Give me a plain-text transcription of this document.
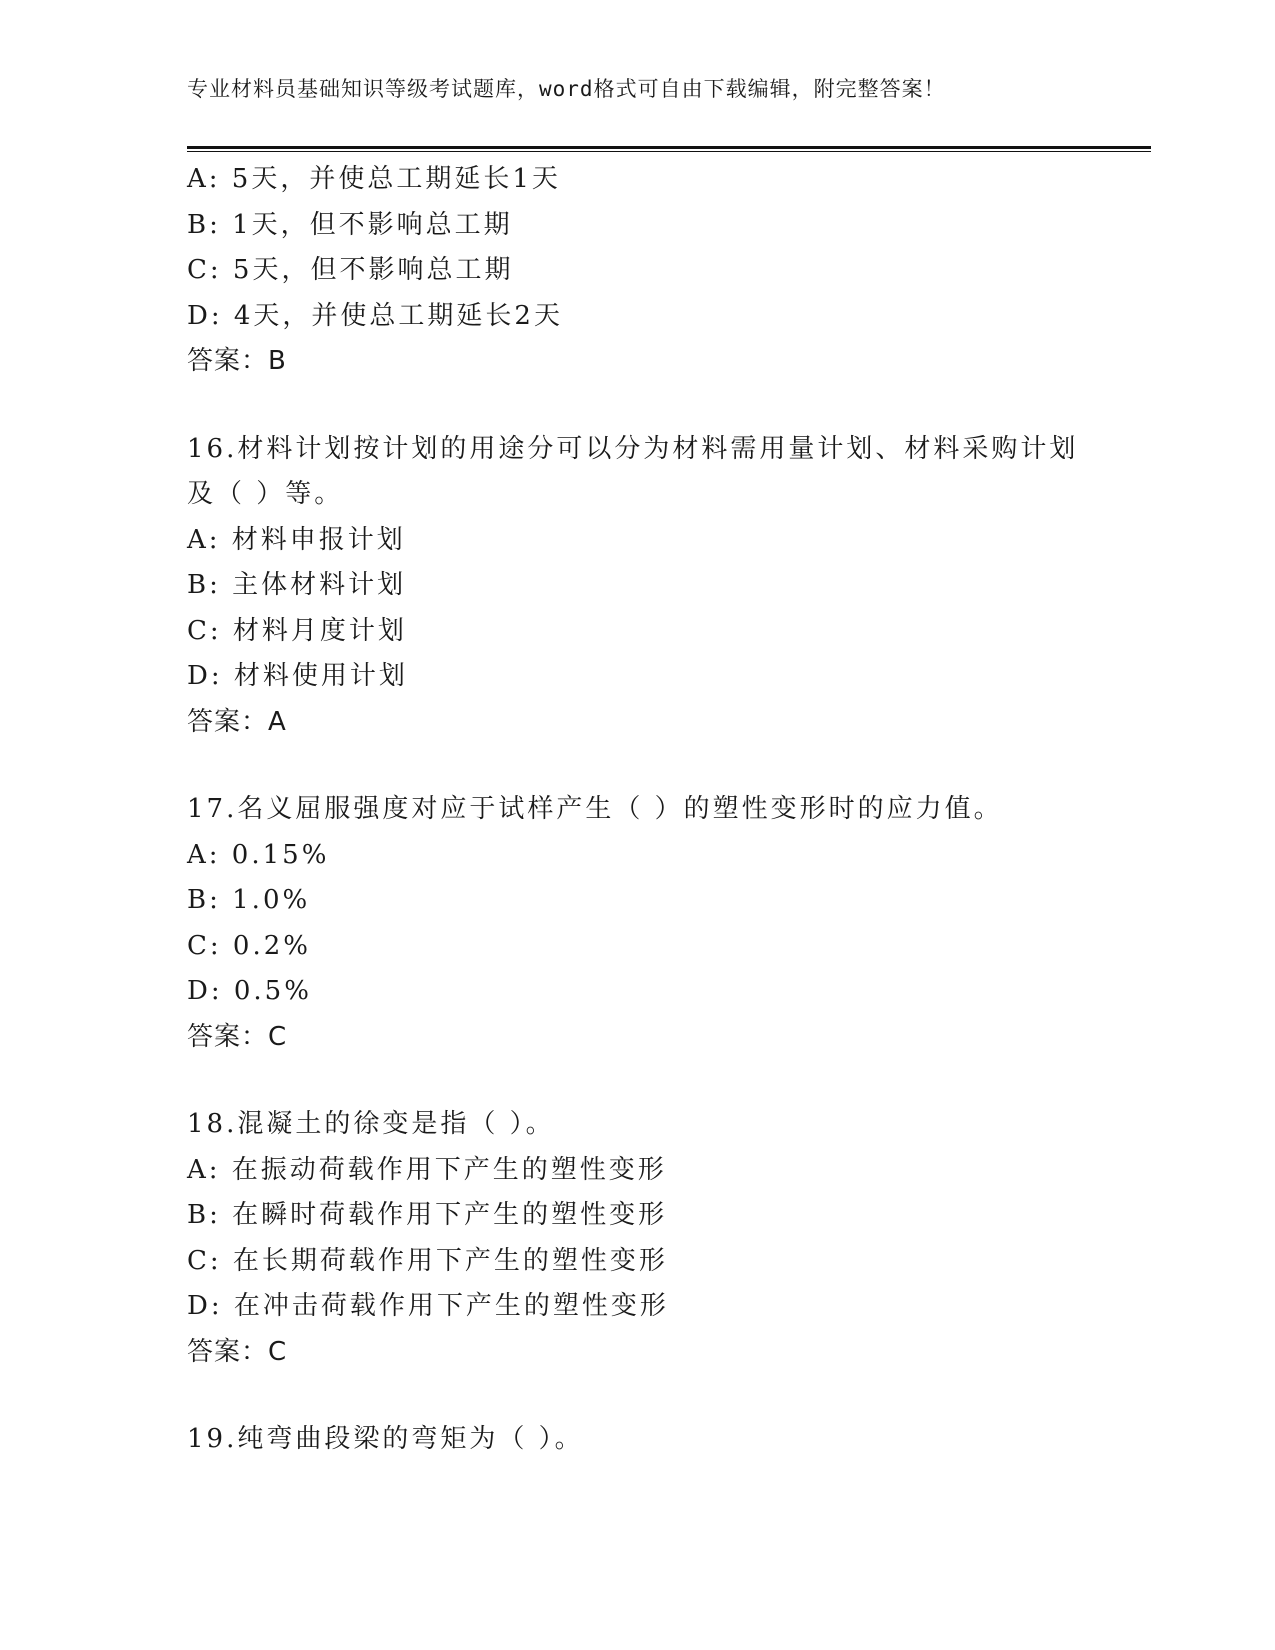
专业材料员基础知识等级考试题库，word格式可自由下载编辑，附完整答案！
A: 5天，并使总工期延长1天
B: 1天，但不影响总工期
C: 5天，但不影响总工期
D: 4天，并使总工期延长2天
答案：B
16.材料计划按计划的用途分可以分为材料需用量计划、材料采购计划
及（ ）等。
A: 材料申报计划
B: 主体材料计划
C: 材料月度计划
D: 材料使用计划
答案：A
17.名义屈服强度对应于试样产生（ ）的塑性变形时的应力值。
A: 0.15%
B: 1.0%
C: 0.2%
D: 0.5%
答案：C
18.混凝土的徐变是指（ ）。
A: 在振动荷载作用下产生的塑性变形
B: 在瞬时荷载作用下产生的塑性变形
C: 在长期荷载作用下产生的塑性变形
D: 在冲击荷载作用下产生的塑性变形
答案：C
19.纯弯曲段梁的弯矩为（ ）。
